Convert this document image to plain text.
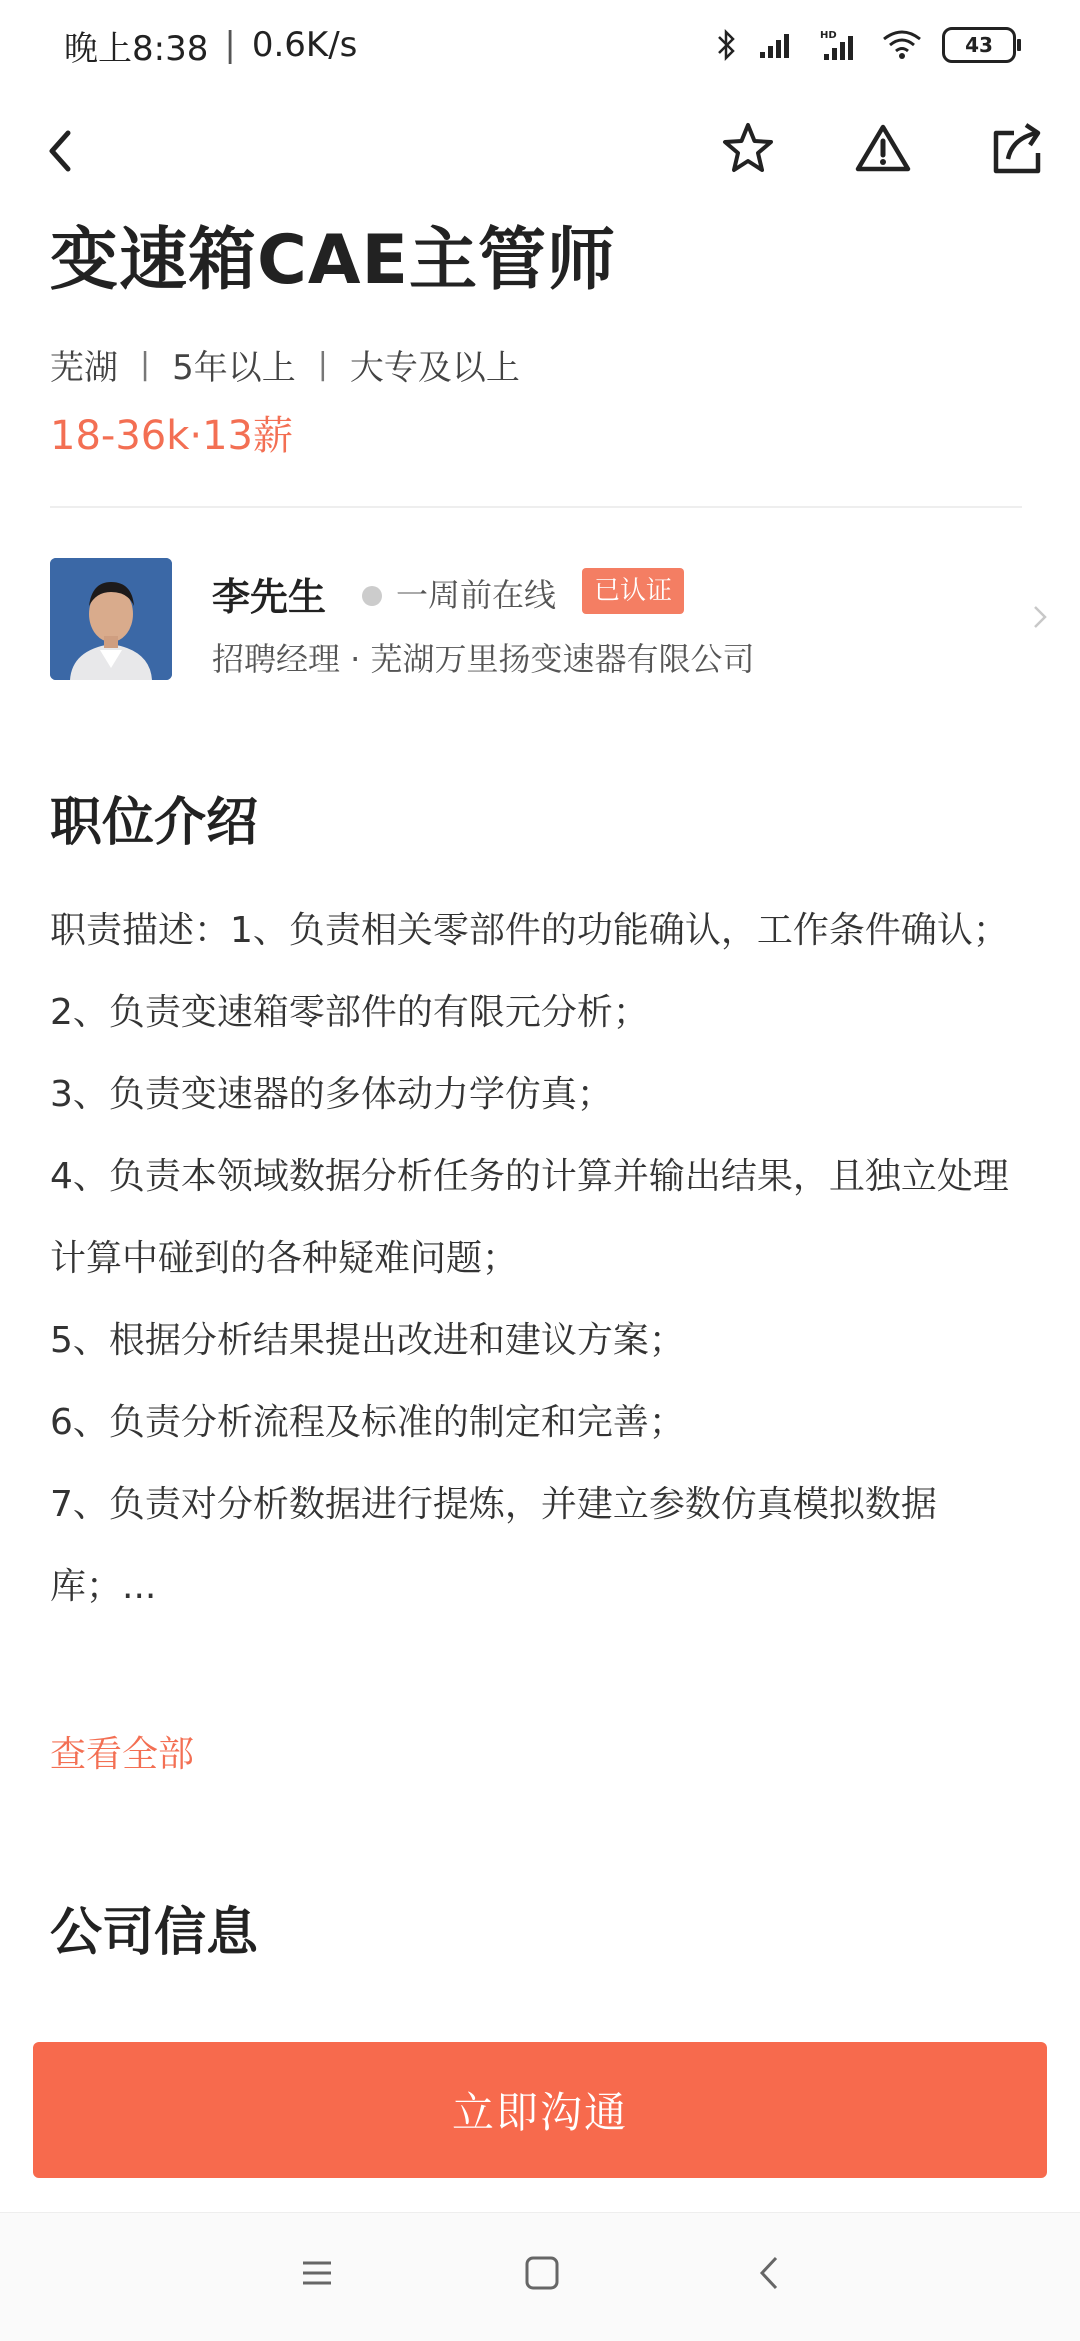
晚上8:38 | 0.6K/s	HD	43
变速箱CAE主管师
芜湖 | 5年以上 | 大专及以上
18-36k·13薪
李先生 一周前在线	已认证
招聘经理 · 芜湖万里扬变速器有限公司
职位介绍

职责描述：1、负责相关零部件的功能确认，工作条件确认；

2、负责变速箱零部件的有限元分析；

3、负责变速器的多体动力学仿真；

4、负责本领域数据分析任务的计算并输出结果，且独立处理计算中碰到的各种疑难问题；

5、根据分析结果提出改进和建议方案；

6、负责分析流程及标准的制定和完善；

7、负责对分析数据进行提炼，并建立参数仿真模拟数据库；...

查看全部
公司信息
立即沟通
